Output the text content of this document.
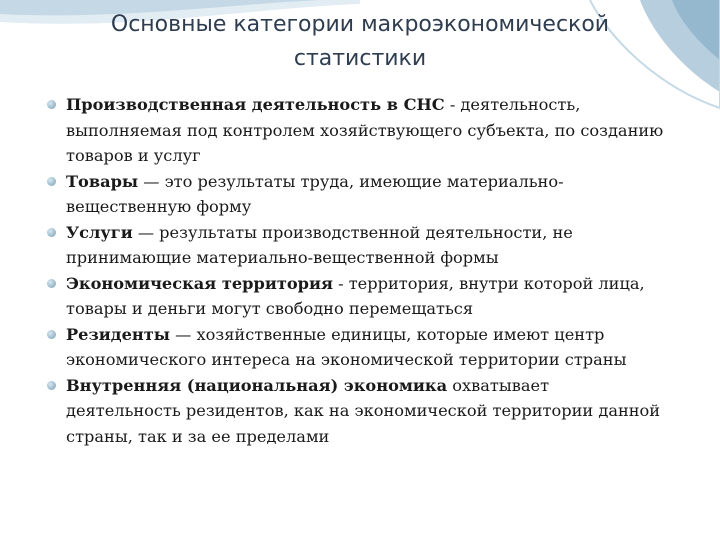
Основные категории макроэкономической
статистики
Производственная деятельность в СНС - деятельность, выполняемая под контролем хозяйствующего субъекта, по созданию товаров и услуг
Товары — это результаты труда, имеющие материально-вещественную форму
Услуги — результаты производственной деятельности, не принимающие материально-вещественной формы
Экономическая территория - территория, внутри которой лица, товары и деньги могут свободно перемещаться
Резиденты — хозяйственные единицы, которые имеют центр экономического интереса на экономической территории страны
Внутренняя (национальная) экономика охватывает деятельность резидентов, как на экономической территории данной страны, так и за ее пределами
